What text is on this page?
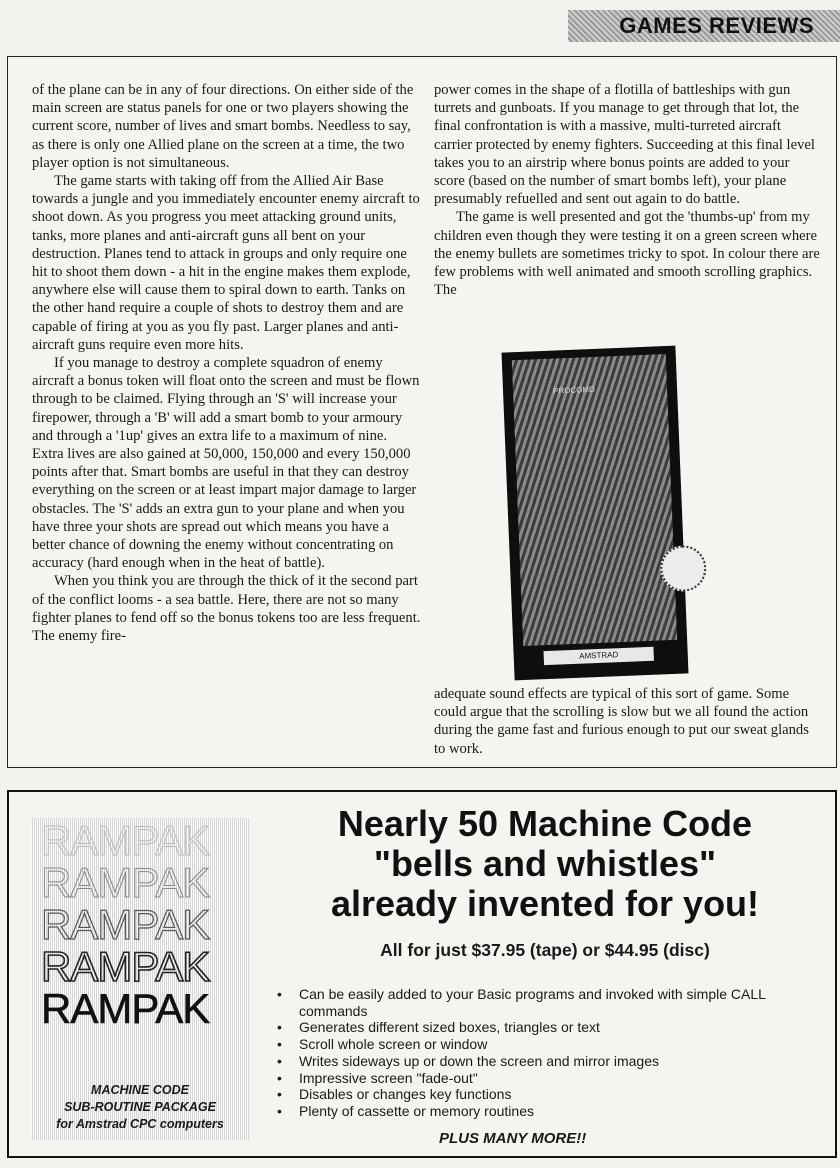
GAMES REVIEWS

of the plane can be in any of four directions. On either side of the main screen are status panels for one or two players showing the current score, number of lives and smart bombs. Needless to say, as there is only one Allied plane on the screen at a time, the two player option is not simultaneous.

The game starts with taking off from the Allied Air Base towards a jungle and you immediately encounter enemy aircraft to shoot down. As you progress you meet attacking ground units, tanks, more planes and anti-aircraft guns all bent on your destruction. Planes tend to attack in groups and only require one hit to shoot them down - a hit in the engine makes them explode, anywhere else will cause them to spiral down to earth. Tanks on the other hand require a couple of shots to destroy them and are capable of firing at you as you fly past. Larger planes and anti-aircraft guns require even more hits.

If you manage to destroy a complete squadron of enemy aircraft a bonus token will float onto the screen and must be flown through to be claimed. Flying through an 'S' will increase your firepower, through a 'B' will add a smart bomb to your armoury and through a '1up' gives an extra life to a maximum of nine. Extra lives are also gained at 50,000, 150,000 and every 150,000 points after that. Smart bombs are useful in that they can destroy everything on the screen or at least impart major damage to larger obstacles. The 'S' adds an extra gun to your plane and when you have three your shots are spread out which means you have a better chance of downing the enemy without concentrating on accuracy (hard enough when in the heat of battle).

When you think you are through the thick of it the second part of the conflict looms - a sea battle. Here, there are not so many fighter planes to fend off so the bonus tokens too are less frequent. The enemy fire-

power comes in the shape of a flotilla of battleships with gun turrets and gunboats. If you manage to get through that lot, the final confrontation is with a massive, multi-turreted aircraft carrier protected by enemy fighters. Succeeding at this final level takes you to an airstrip where bonus points are added to your score (based on the number of smart bombs left), your plane presumably refuelled and sent out again to do battle.

The game is well presented and got the 'thumbs-up' from my children even though they were testing it on a green screen where the enemy bullets are sometimes tricky to spot. In colour there are few problems with well animated and smooth scrolling graphics. The

PROCOMD
AMSTRAD

adequate sound effects are typical of this sort of game. Some could argue that the scrolling is slow but we all found the action during the game fast and furious enough to put our sweat glands to work.

RAMPAK
RAMPAK
RAMPAK
RAMPAK
RAMPAK
MACHINE CODE
SUB-ROUTINE PACKAGE
for Amstrad CPC computers
Nearly 50 Machine Code
"bells and whistles"
already invented for you!
All for just $37.95 (tape) or $44.95 (disc)
• Can be easily added to your Basic programs and invoked with simple CALL commands
• Generates different sized boxes, triangles or text
• Scroll whole screen or window
• Writes sideways up or down the screen and mirror images
• Impressive screen "fade-out"
• Disables or changes key functions
• Plenty of cassette or memory routines
PLUS MANY MORE!!
